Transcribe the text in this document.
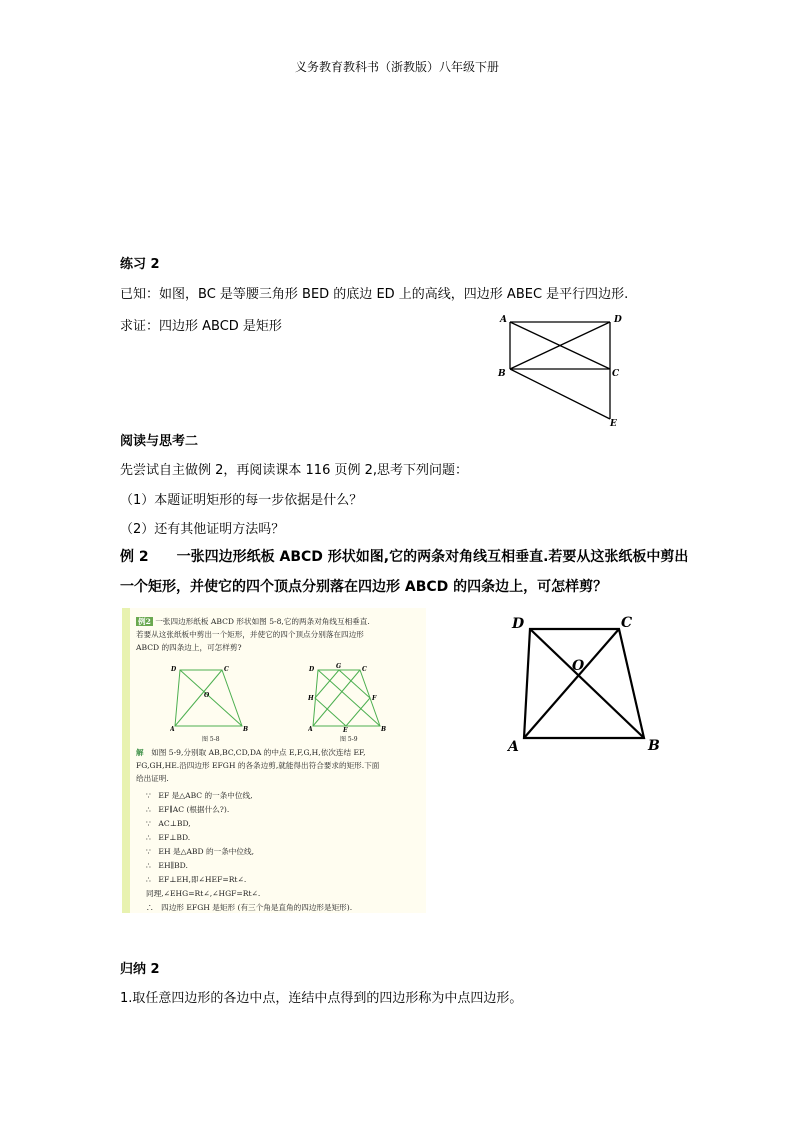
义务教育教科书（浙教版）八年级下册
练习 2
已知：如图，BC 是等腰三角形 BED 的底边 ED 上的高线，四边形 ABEC 是平行四边形.
求证：四边形 ABCD 是矩形	A	D
B	C
E
阅读与思考二
先尝试自主做例 2，再阅读课本 116 页例 2,思考下列问题：
（1）本题证明矩形的每一步依据是什么？
（2）还有其他证明方法吗？
例 2　　一张四边形纸板 ABCD 形状如图,它的两条对角线互相垂直.若要从这张纸板中剪出
一个矩形，并使它的四个顶点分别落在四边形 ABCD 的四条边上，可怎样剪？
例2 一张四边形纸板 ABCD 形状如图 5-8,它的两条对角线互相垂直.
若要从这张纸板中剪出一个矩形，并使它的四个顶点分别落在四边形
ABCD 的四条边上，可怎样剪?
D	C
O
A	B
图 5-8
D	G	C
H	F
A	E	B
图 5-9
解　 如图 5-9,分别取 AB,BC,CD,DA 的中点 E,F,G,H,依次连结 EF,
FG,GH,HE.沿四边形 EFGH 的各条边剪,就能得出符合要求的矩形.下面
给出证明.
∵　EF 是△ABC 的一条中位线,
∴　EF∥AC (根据什么?).
∵　AC⊥BD,
∴　EF⊥BD.
∵　EH 是△ABD 的一条中位线,
∴　EH∥BD.
∴　EF⊥EH,即∠HEF=Rt∠.
同理,∠EHG=Rt∠,∠HGF=Rt∠.
∴　四边形 EFGH 是矩形 (有三个角是直角的四边形是矩形).
D	C
O
A	B
归纳 2
1.取任意四边形的各边中点，连结中点得到的四边形称为中点四边形。
